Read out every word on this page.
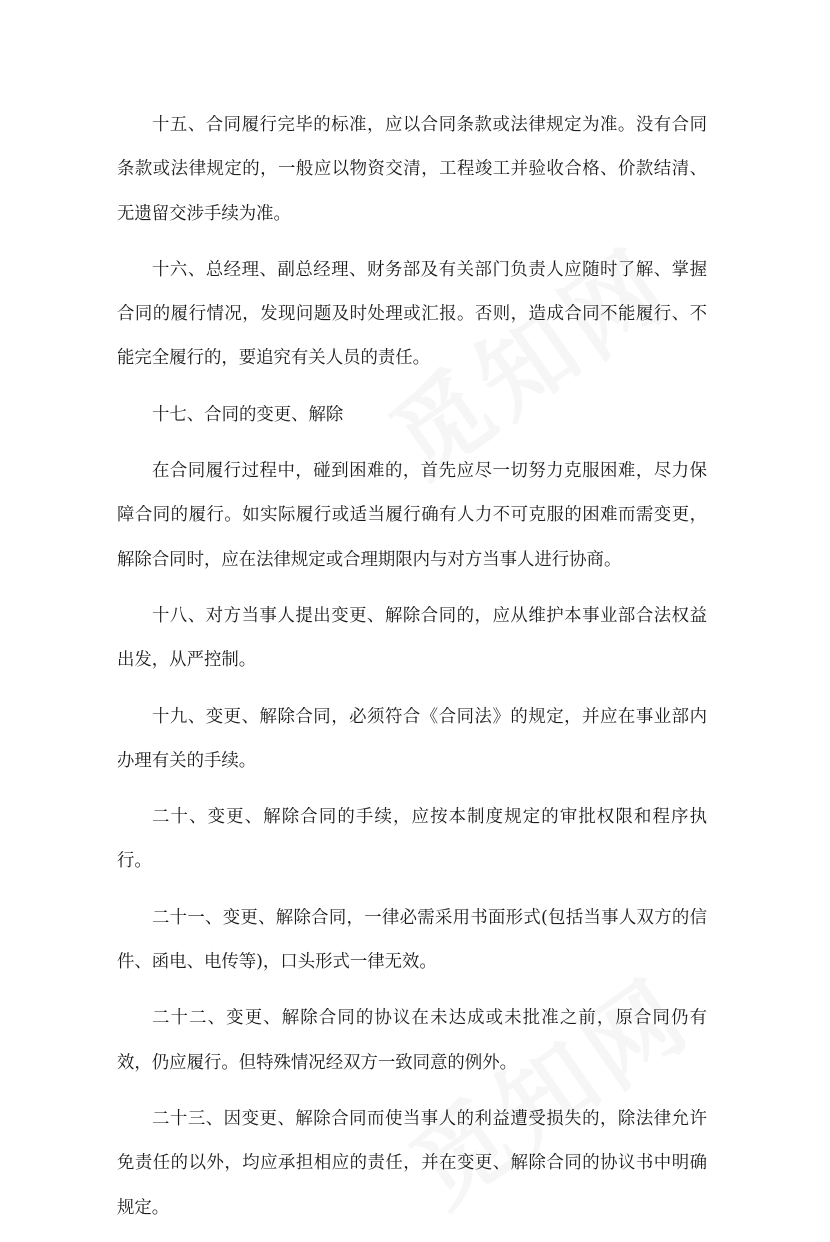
十五、合同履行完毕的标准，应以合同条款或法律规定为准。没有合同条款或法律规定的，一般应以物资交清，工程竣工并验收合格、价款结清、无遗留交涉手续为准。

十六、总经理、副总经理、财务部及有关部门负责人应随时了解、掌握合同的履行情况，发现问题及时处理或汇报。否则，造成合同不能履行、不能完全履行的，要追究有关人员的责任。

十七、合同的变更、解除

在合同履行过程中，碰到困难的，首先应尽一切努力克服困难，尽力保障合同的履行。如实际履行或适当履行确有人力不可克服的困难而需变更，解除合同时，应在法律规定或合理期限内与对方当事人进行协商。

十八、对方当事人提出变更、解除合同的，应从维护本事业部合法权益出发，从严控制。

十九、变更、解除合同，必须符合《合同法》的规定，并应在事业部内办理有关的手续。

二十、变更、解除合同的手续，应按本制度规定的审批权限和程序执行。

二十一、变更、解除合同，一律必需采用书面形式(包括当事人双方的信件、函电、电传等)，口头形式一律无效。

二十二、变更、解除合同的协议在未达成或未批准之前，原合同仍有效，仍应履行。但特殊情况经双方一致同意的例外。

二十三、因变更、解除合同而使当事人的利益遭受损失的，除法律允许免责任的以外，均应承担相应的责任，并在变更、解除合同的协议书中明确规定。
